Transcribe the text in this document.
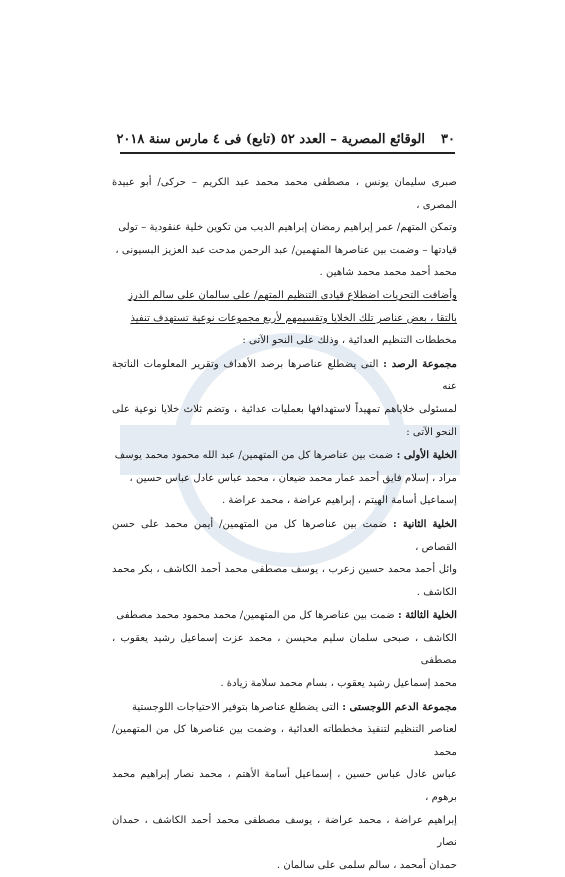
٣٠
الوقائع المصرية – العدد ٥٢ (تابع) فى ٤ مارس سنة ٢٠١٨

صبرى سليمان يونس ، مصطفى محمد محمد عبد الكريم – حركى/ أبو عبيدة المصرى ،
وتمكن المتهم/ عمر إبراهيم رمضان إبراهيم الديب من تكوين خلية عنقودية – تولى
قيادتها – وضمت بين عناصرها المتهمين/ عبد الرحمن مدحت عبد العزيز البسيونى ،
محمد أحمد محمد محمد شاهين .

وأضافت التحريات اضطلاع قيادى التنظيم المتهم/ على سالمان على سالم الدرز
بالتقا ، بعض عناصر تلك الخلايا وتقسيمهم لأربع مجموعات نوعية تستهدف تنفيذ
مخططات التنظيم العدائية ، وذلك على النحو الآتى :

مجموعة الرصد : التى يضطلع عناصرها برصد الأهداف وتقرير المعلومات الناتجة عنه
لمسئولى خلاياهم تمهيداً لاستهدافها بعمليات عدائية ، وتضم ثلاث خلايا نوعية على النحو الآتى :

الخلية الأولى : ضمت بين عناصرها كل من المتهمين/ عبد الله محمود محمد يوسف
مراد ، إسلام فايق أحمد عمار محمد ضيعان ، محمد عباس عادل عباس حسين ،
إسماعيل أسامة الهيتم ، إبراهيم عراضة ، محمد عراضة .

الخلية الثانية : ضمت بين عناصرها كل من المتهمين/ أيمن محمد على حسن القصاص ،
وائل أحمد محمد حسين زعرب ، يوسف مصطفى محمد أحمد الكاشف ، بكر محمد الكاشف .

الخلية الثالثة : ضمت بين عناصرها كل من المتهمين/ محمد محمود محمد مصطفى
الكاشف ، صبحى سلمان سليم محيسن ، محمد عزت إسماعيل رشيد يعقوب ، مصطفى
محمد إسماعيل رشيد يعقوب ، بسام محمد سلامة زيادة .

مجموعة الدعم اللوجستى : التى يضطلع عناصرها بتوفير الاحتياجات اللوجستية
لعناصر التنظيم لتنفيذ مخططاته العدائية ، وضمت بين عناصرها كل من المتهمين/ محمد
عباس عادل عباس حسين ، إسماعيل أسامة الأهتم ، محمد نصار إبراهيم محمد برهوم ،
إبراهيم عراضة ، محمد عراضة ، يوسف مصطفى محمد أحمد الكاشف ، حمدان نصار
حمدان أمحمد ، سالم سلمى على سالمان .
